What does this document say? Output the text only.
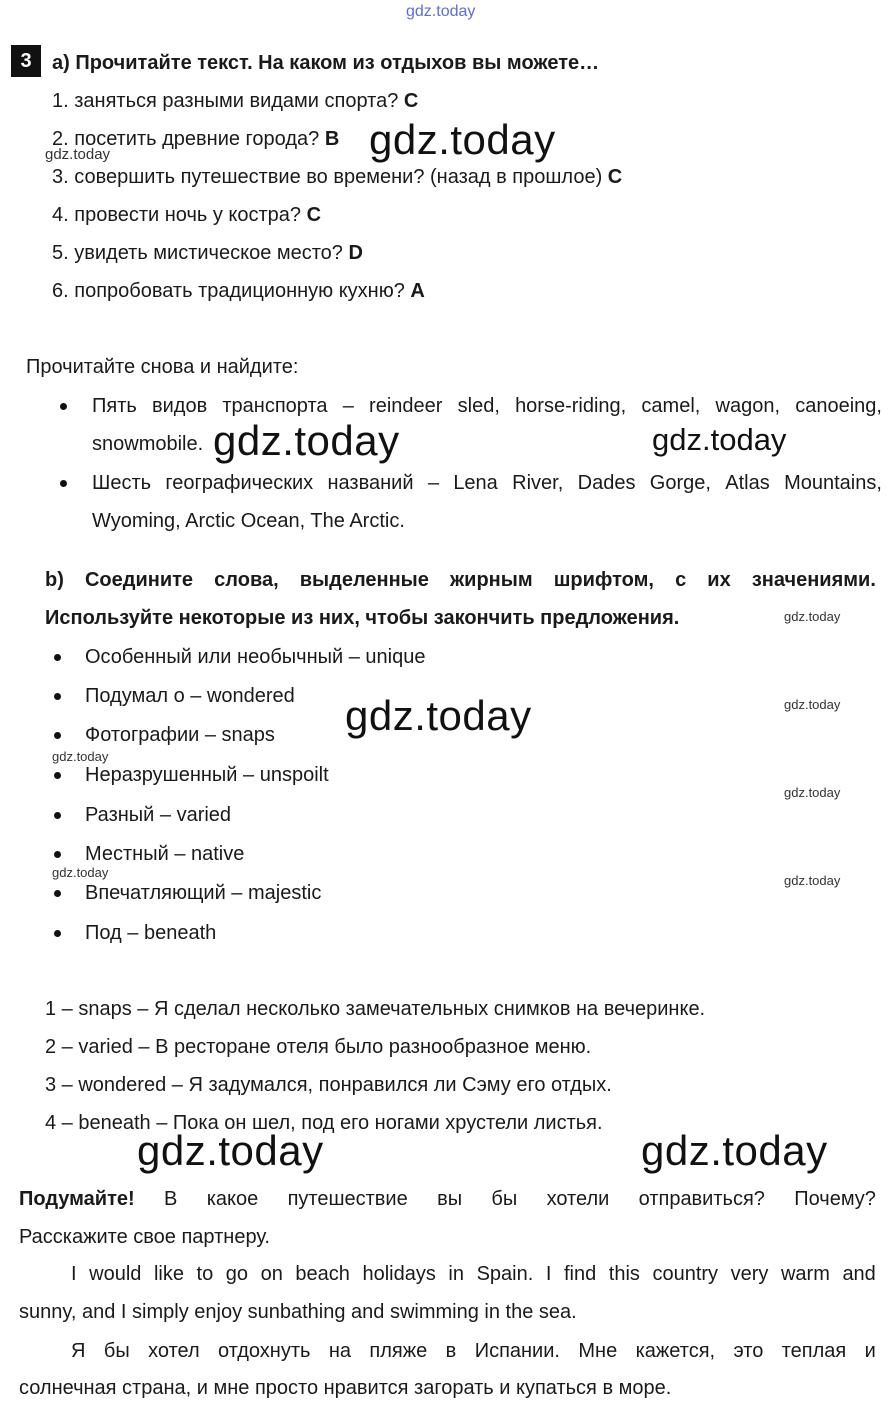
gdz.today
3	a) Прочитайте текст. На каком из отдыхов вы можете…
1. заняться разными видами спорта? C
2. посетить древние города? B
3. совершить путешествие во времени? (назад в прошлое) C
4. провести ночь у костра? C
5. увидеть мистическое место? D
6. попробовать традиционную кухню? A
gdz.today
gdz.today
Прочитайте снова и найдите:
Пять видов транспорта – reindeer sled, horse-riding, camel, wagon, canoeing,
snowmobile. gdz.today	gdz.today
Шесть географических названий – Lena River, Dades Gorge, Atlas Mountains,
Wyoming, Arctic Ocean, The Arctic.
b) Соедините слова, выделенные жирным шрифтом, с их значениями.
Используйте некоторые из них, чтобы закончить предложения.	gdz.today
Особенный или необычный – unique
Подумал о – wondered
Фотографии – snaps
Неразрушенный – unspoilt
Разный – varied
Местный – native
Впечатляющий – majestic
Под – beneath
gdz.today	gdz.today
gdz.today
gdz.today
gdz.today
gdz.today
1 – snaps – Я сделал несколько замечательных снимков на вечеринке.
2 – varied – В ресторане отеля было разнообразное меню.
3 – wondered – Я задумался, понравился ли Сэму его отдых.
4 – beneath – Пока он шел, под его ногами хрустели листья.
gdz.today	gdz.today
Подумайте! В какое путешествие вы бы хотели отправиться? Почему?
Расскажите свое партнеру.
I would like to go on beach holidays in Spain. I find this country very warm and
sunny, and I simply enjoy sunbathing and swimming in the sea.
Я бы хотел отдохнуть на пляже в Испании. Мне кажется, это теплая и
солнечная страна, и мне просто нравится загорать и купаться в море.
